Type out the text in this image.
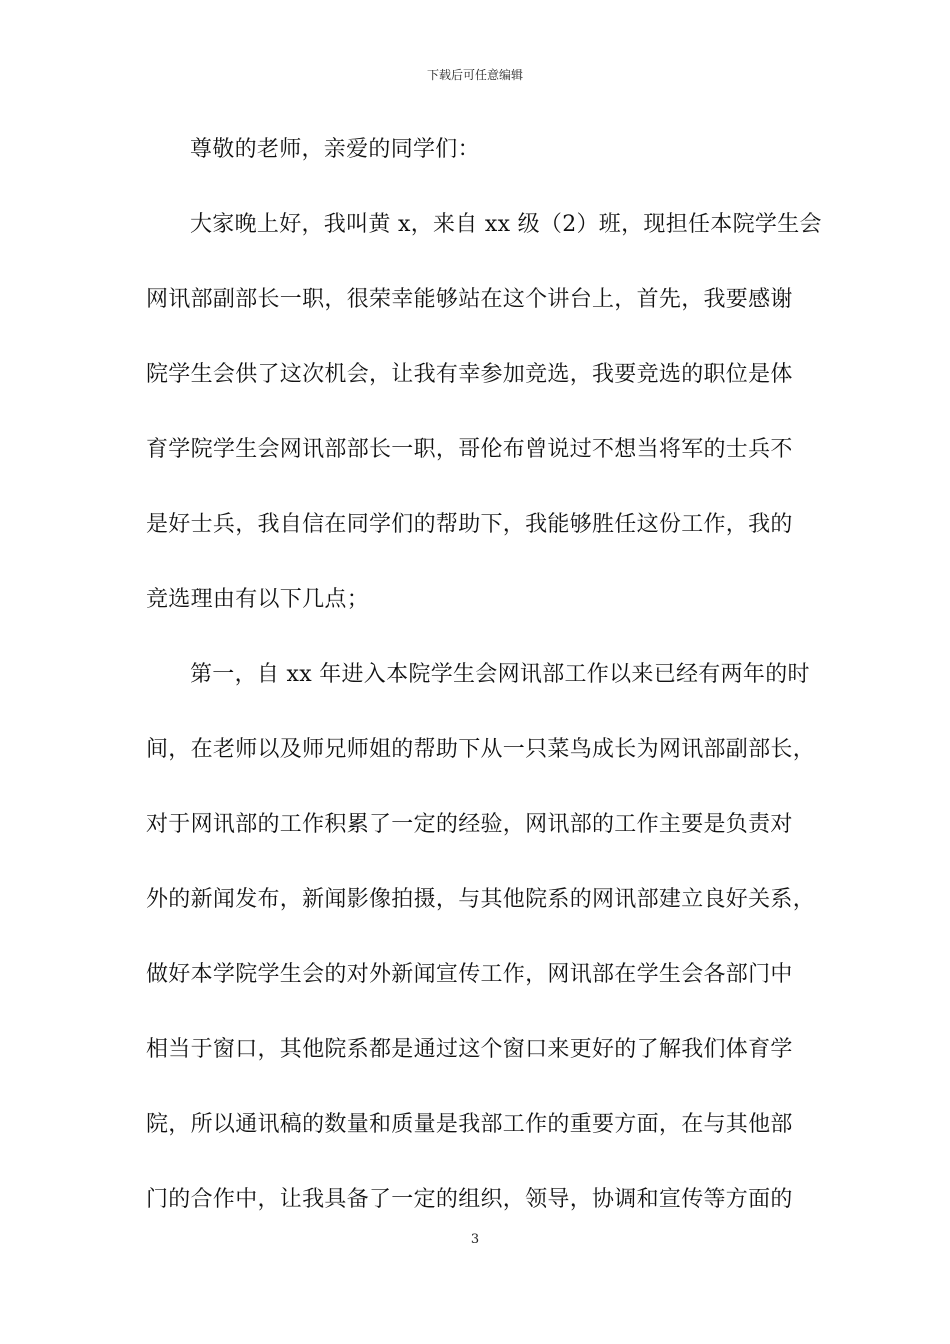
下载后可任意编辑
尊敬的老师，亲爱的同学们：
大家晚上好，我叫黄 x，来自 xx 级（2）班，现担任本院学生会
网讯部副部长一职，很荣幸能够站在这个讲台上，首先，我要感谢
院学生会供了这次机会，让我有幸参加竞选，我要竞选的职位是体
育学院学生会网讯部部长一职，哥伦布曾说过不想当将军的士兵不
是好士兵，我自信在同学们的帮助下，我能够胜任这份工作，我的
竞选理由有以下几点；
第一，自 xx 年进入本院学生会网讯部工作以来已经有两年的时
间，在老师以及师兄师姐的帮助下从一只菜鸟成长为网讯部副部长，
对于网讯部的工作积累了一定的经验，网讯部的工作主要是负责对
外的新闻发布，新闻影像拍摄，与其他院系的网讯部建立良好关系，
做好本学院学生会的对外新闻宣传工作，网讯部在学生会各部门中
相当于窗口，其他院系都是通过这个窗口来更好的了解我们体育学
院，所以通讯稿的数量和质量是我部工作的重要方面，在与其他部
门的合作中，让我具备了一定的组织，领导，协调和宣传等方面的
3
